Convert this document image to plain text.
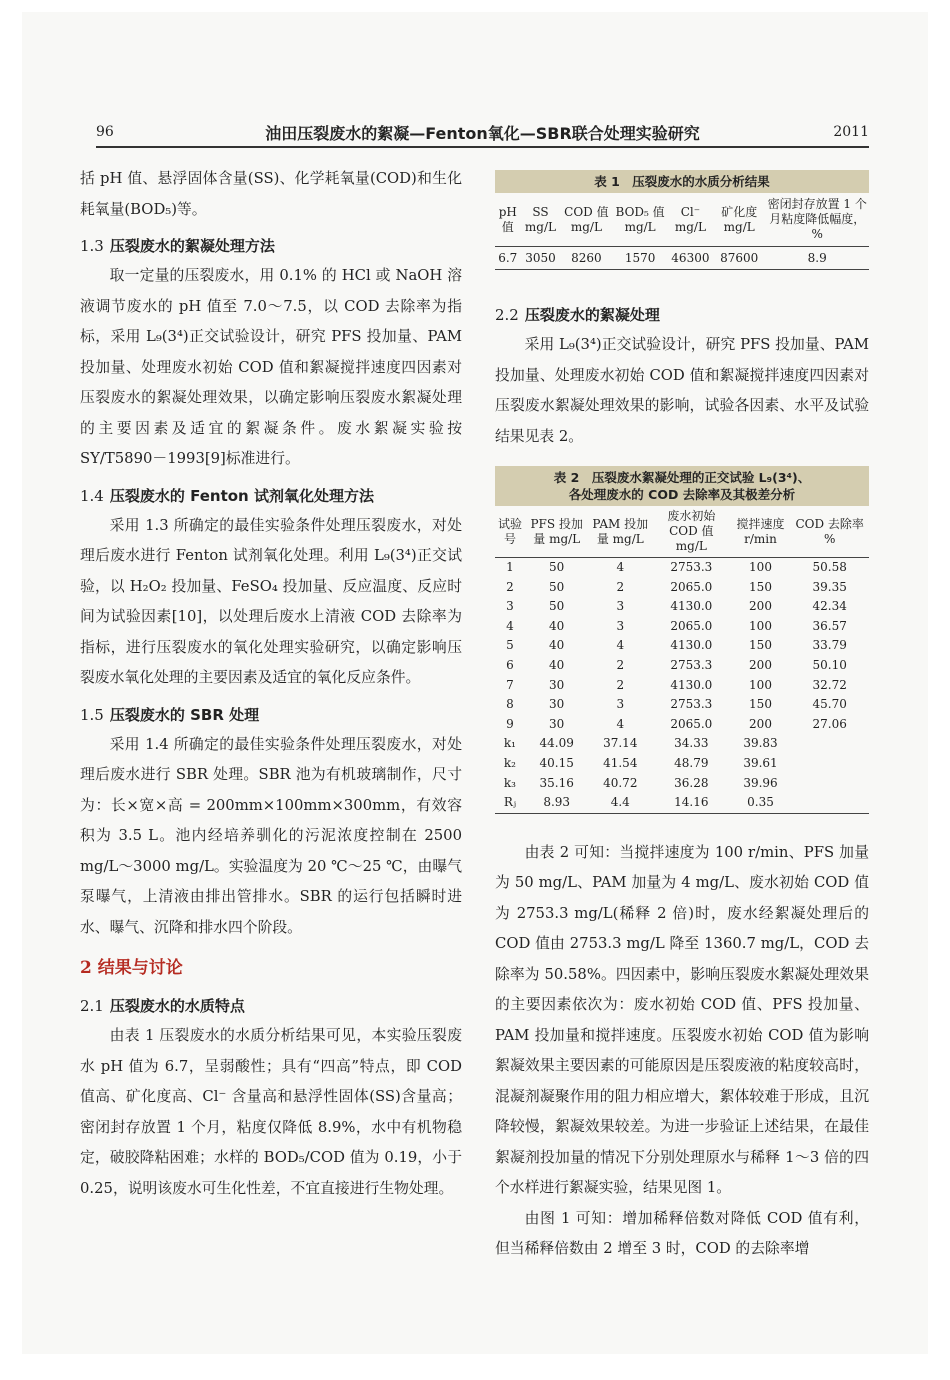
96	油田压裂废水的絮凝—Fenton氧化—SBR联合处理实验研究	2011

括 pH 值、悬浮固体含量(SS)、化学耗氧量(COD)和生化耗氧量(BOD₅)等。

1.3 压裂废水的絮凝处理方法

取一定量的压裂废水，用 0.1% 的 HCl 或 NaOH 溶液调节废水的 pH 值至 7.0～7.5，以 COD 去除率为指标，采用 L₉(3⁴)正交试验设计，研究 PFS 投加量、PAM 投加量、处理废水初始 COD 值和絮凝搅拌速度四因素对压裂废水的絮凝处理效果，以确定影响压裂废水絮凝处理的主要因素及适宜的絮凝条件。废水絮凝实验按 SY/T5890－1993[9]标准进行。

1.4 压裂废水的 Fenton 试剂氧化处理方法

采用 1.3 所确定的最佳实验条件处理压裂废水，对处理后废水进行 Fenton 试剂氧化处理。利用 L₉(3⁴)正交试验，以 H₂O₂ 投加量、FeSO₄ 投加量、反应温度、反应时间为试验因素[10]，以处理后废水上清液 COD 去除率为指标，进行压裂废水的氧化处理实验研究，以确定影响压裂废水氧化处理的主要因素及适宜的氧化反应条件。

1.5 压裂废水的 SBR 处理

采用 1.4 所确定的最佳实验条件处理压裂废水，对处理后废水进行 SBR 处理。SBR 池为有机玻璃制作，尺寸为：长×宽×高 = 200mm×100mm×300mm，有效容积为 3.5 L。池内经培养驯化的污泥浓度控制在 2500 mg/L～3000 mg/L。实验温度为 20 ℃～25 ℃，由曝气泵曝气，上清液由排出管排水。SBR 的运行包括瞬时进水、曝气、沉降和排水四个阶段。

2 结果与讨论
2.1 压裂废水的水质特点

由表 1 压裂废水的水质分析结果可见，本实验压裂废水 pH 值为 6.7，呈弱酸性；具有“四高”特点，即 COD 值高、矿化度高、Cl⁻ 含量高和悬浮性固体(SS)含量高；密闭封存放置 1 个月，粘度仅降低 8.9%，水中有机物稳定，破胶降粘困难；水样的 BOD₅/COD 值为 0.19，小于 0.25，说明该废水可生化性差，不宜直接进行生物处理。

表 1　压裂废水的水质分析结果
pH 值	SS mg/L	COD 值 mg/L	BOD₅ 值 mg/L	Cl⁻ mg/L	矿化度 mg/L	密闭封存放置 1 个月粘度降低幅度，%
6.7	3050	8260	1570	46300	87600	8.9
2.2 压裂废水的絮凝处理

采用 L₉(3⁴)正交试验设计，研究 PFS 投加量、PAM 投加量、处理废水初始 COD 值和絮凝搅拌速度四因素对压裂废水絮凝处理效果的影响，试验各因素、水平及试验结果见表 2。

表 2　压裂废水絮凝处理的正交试验 L₉(3⁴)、
各处理废水的 COD 去除率及其极差分析
试验号	PFS 投加量 mg/L	PAM 投加量 mg/L	废水初始 COD 值 mg/L	搅拌速度 r/min	COD 去除率 %
1	50	4	2753.3	100	50.58
2	50	2	2065.0	150	39.35
3	50	3	4130.0	200	42.34
4	40	3	2065.0	100	36.57
5	40	4	4130.0	150	33.79
6	40	2	2753.3	200	50.10
7	30	2	4130.0	100	32.72
8	30	3	2753.3	150	45.70
9	30	4	2065.0	200	27.06
k₁	44.09	37.14	34.33	39.83	
k₂	40.15	41.54	48.79	39.61	
k₃	35.16	40.72	36.28	39.96	
Rⱼ	8.93	4.4	14.16	0.35	

由表 2 可知：当搅拌速度为 100 r/min、PFS 加量为 50 mg/L、PAM 加量为 4 mg/L、废水初始 COD 值为 2753.3 mg/L(稀释 2 倍)时，废水经絮凝处理后的 COD 值由 2753.3 mg/L 降至 1360.7 mg/L，COD 去除率为 50.58%。四因素中，影响压裂废水絮凝处理效果的主要因素依次为：废水初始 COD 值、PFS 投加量、PAM 投加量和搅拌速度。压裂废水初始 COD 值为影响絮凝效果主要因素的可能原因是压裂废液的粘度较高时，混凝剂凝聚作用的阻力相应增大，絮体较难于形成，且沉降较慢，絮凝效果较差。为进一步验证上述结果，在最佳絮凝剂投加量的情况下分别处理原水与稀释 1～3 倍的四个水样进行絮凝实验，结果见图 1。

由图 1 可知：增加稀释倍数对降低 COD 值有利，但当稀释倍数由 2 增至 3 时，COD 的去除率增
